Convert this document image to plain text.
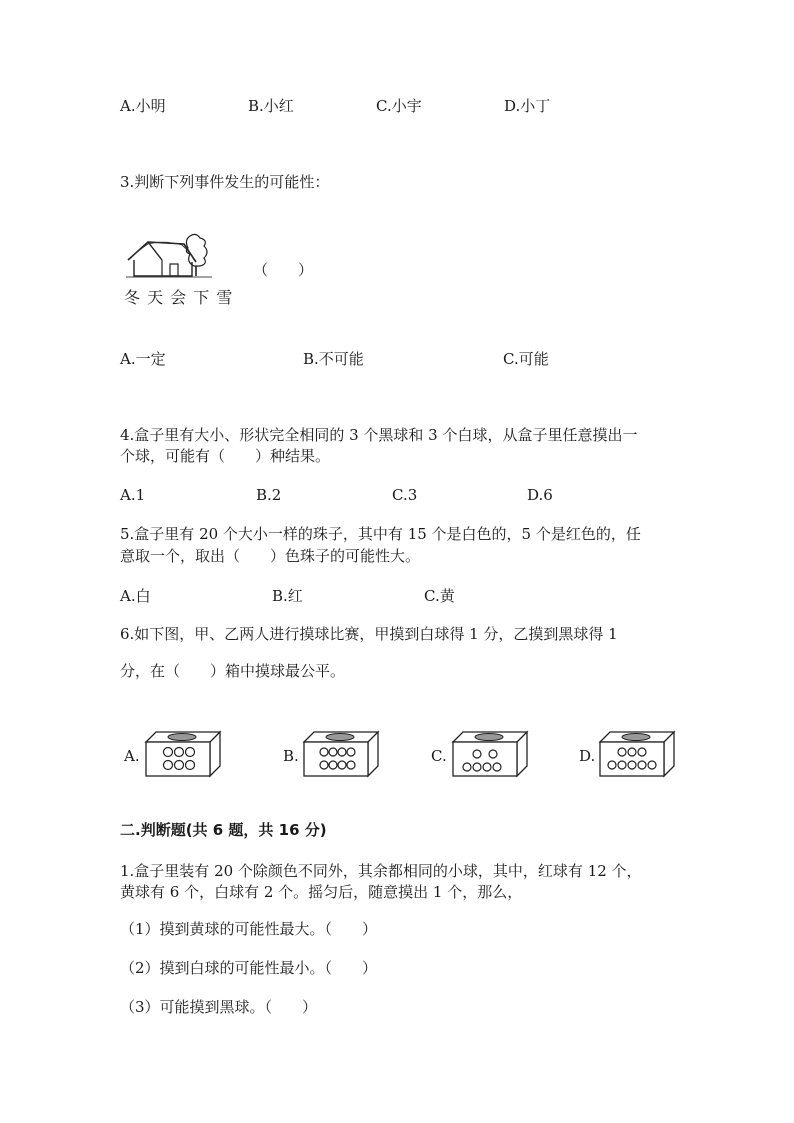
A.小明	B.小红	C.小宇	D.小丁
3.判断下列事件发生的可能性：
冬 天 会 下 雪
（　　）
A.一定	B.不可能	C.可能
4.盒子里有大小、形状完全相同的 3 个黑球和 3 个白球，从盒子里任意摸出一
个球，可能有（　　）种结果。
A.1	B.2	C.3	D.6
5.盒子里有 20 个大小一样的珠子，其中有 15 个是白色的，5 个是红色的，任
意取一个，取出（　　）色珠子的可能性大。
A.白	B.红	C.黄
6.如下图，甲、乙两人进行摸球比赛，甲摸到白球得 1 分，乙摸到黑球得 1
分，在（　　）箱中摸球最公平。
A.	B.	C.	D.
二.判断题(共 6 题，共 16 分)
1.盒子里装有 20 个除颜色不同外，其余都相同的小球，其中，红球有 12 个，
黄球有 6 个，白球有 2 个。摇匀后，随意摸出 1 个，那么，
（1）摸到黄球的可能性最大。（　　）
（2）摸到白球的可能性最小。（　　）
（3）可能摸到黑球。（　　）
